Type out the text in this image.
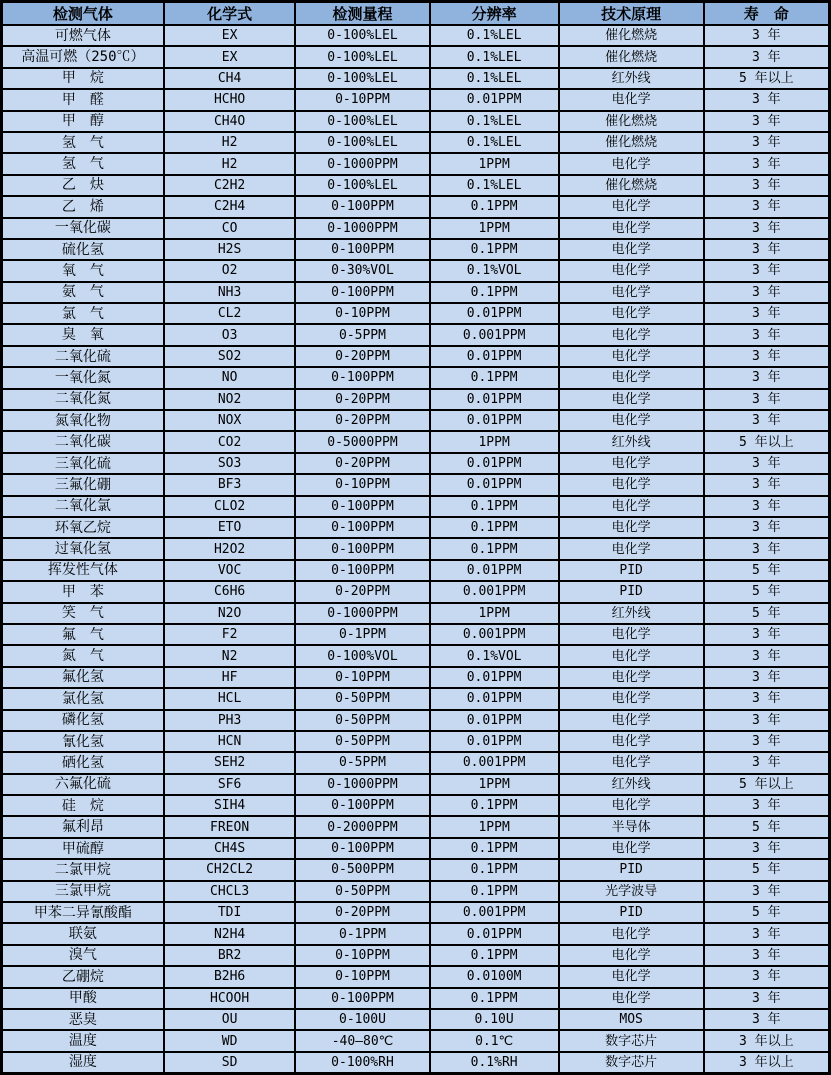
检测气体	化学式	检测量程	分辨率	技术原理	寿　命
可燃气体	EX	0-100%LEL	0.1%LEL	催化燃烧	3 年
高温可燃（250℃）	EX	0-100%LEL	0.1%LEL	催化燃烧	3 年
甲　烷	CH4	0-100%LEL	0.1%LEL	红外线	5 年以上
甲　醛	HCHO	0-10PPM	0.01PPM	电化学	3 年
甲　醇	CH4O	0-100%LEL	0.1%LEL	催化燃烧	3 年
氢　气	H2	0-100%LEL	0.1%LEL	催化燃烧	3 年
氢　气	H2	0-1000PPM	1PPM	电化学	3 年
乙　炔	C2H2	0-100%LEL	0.1%LEL	催化燃烧	3 年
乙　烯	C2H4	0-100PPM	0.1PPM	电化学	3 年
一氧化碳	CO	0-1000PPM	1PPM	电化学	3 年
硫化氢	H2S	0-100PPM	0.1PPM	电化学	3 年
氧　气	O2	0-30%VOL	0.1%VOL	电化学	3 年
氨　气	NH3	0-100PPM	0.1PPM	电化学	3 年
氯　气	CL2	0-10PPM	0.01PPM	电化学	3 年
臭　氧	O3	0-5PPM	0.001PPM	电化学	3 年
二氧化硫	SO2	0-20PPM	0.01PPM	电化学	3 年
一氧化氮	NO	0-100PPM	0.1PPM	电化学	3 年
二氧化氮	NO2	0-20PPM	0.01PPM	电化学	3 年
氮氧化物	NOX	0-20PPM	0.01PPM	电化学	3 年
二氧化碳	CO2	0-5000PPM	1PPM	红外线	5 年以上
三氧化硫	SO3	0-20PPM	0.01PPM	电化学	3 年
三氟化硼	BF3	0-10PPM	0.01PPM	电化学	3 年
二氧化氯	CLO2	0-100PPM	0.1PPM	电化学	3 年
环氧乙烷	ETO	0-100PPM	0.1PPM	电化学	3 年
过氧化氢	H2O2	0-100PPM	0.1PPM	电化学	3 年
挥发性气体	VOC	0-100PPM	0.01PPM	PID	5 年
甲　苯	C6H6	0-20PPM	0.001PPM	PID	5 年
笑　气	N2O	0-1000PPM	1PPM	红外线	5 年
氟　气	F2	0-1PPM	0.001PPM	电化学	3 年
氮　气	N2	0-100%VOL	0.1%VOL	电化学	3 年
氟化氢	HF	0-10PPM	0.01PPM	电化学	3 年
氯化氢	HCL	0-50PPM	0.01PPM	电化学	3 年
磷化氢	PH3	0-50PPM	0.01PPM	电化学	3 年
氰化氢	HCN	0-50PPM	0.01PPM	电化学	3 年
硒化氢	SEH2	0-5PPM	0.001PPM	电化学	3 年
六氟化硫	SF6	0-1000PPM	1PPM	红外线	5 年以上
硅　烷	SIH4	0-100PPM	0.1PPM	电化学	3 年
氟利昂	FREON	0-2000PPM	1PPM	半导体	5 年
甲硫醇	CH4S	0-100PPM	0.1PPM	电化学	3 年
二氯甲烷	CH2CL2	0-500PPM	0.1PPM	PID	5 年
三氯甲烷	CHCL3	0-50PPM	0.1PPM	光学波导	3 年
甲苯二异氰酸酯	TDI	0-20PPM	0.001PPM	PID	5 年
联氨	N2H4	0-1PPM	0.01PPM	电化学	3 年
溴气	BR2	0-10PPM	0.1PPM	电化学	3 年
乙硼烷	B2H6	0-10PPM	0.0100M	电化学	3 年
甲酸	HCOOH	0-100PPM	0.1PPM	电化学	3 年
恶臭	OU	0-100U	0.10U	MOS	3 年
温度	WD	-40—80℃	0.1℃	数字芯片	3 年以上
湿度	SD	0-100%RH	0.1%RH	数字芯片	3 年以上
